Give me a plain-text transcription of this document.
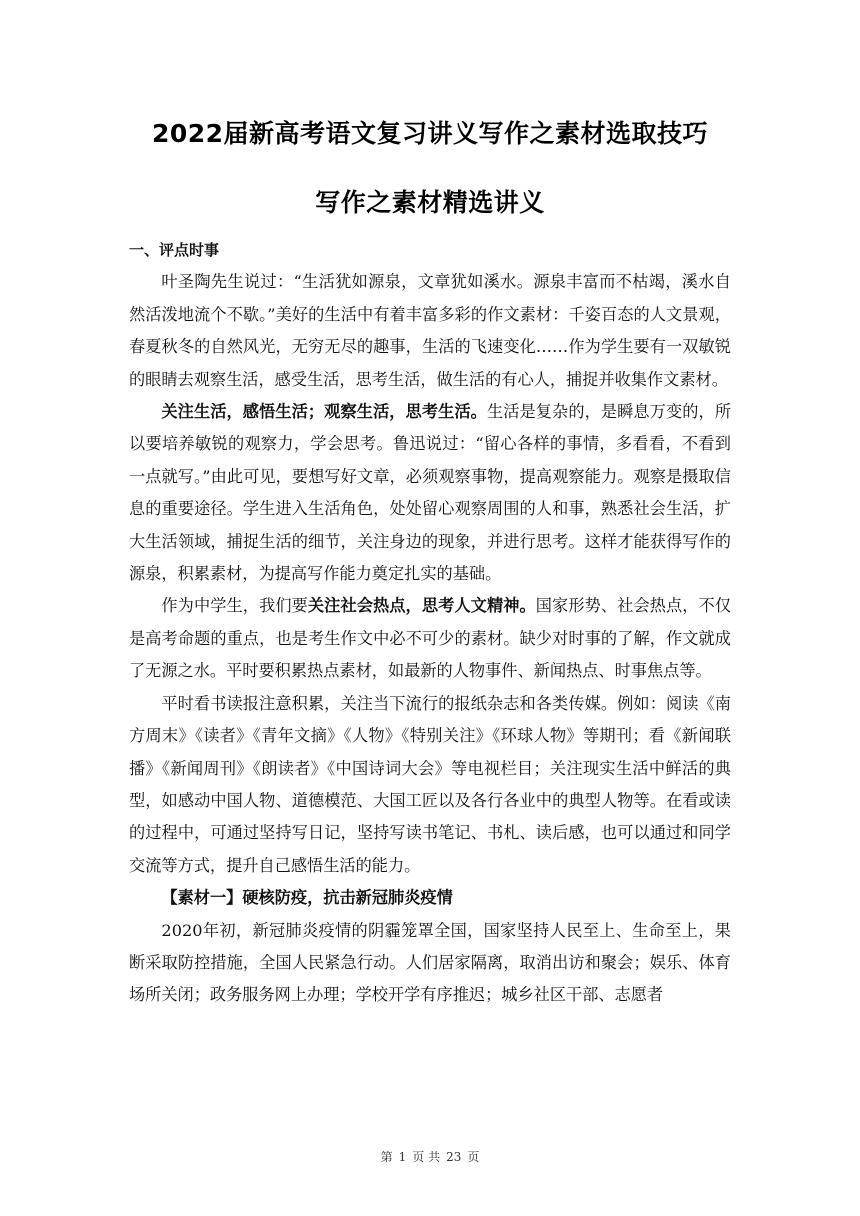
2022届新高考语文复习讲义写作之素材选取技巧
写作之素材精选讲义

一、评点时事

叶圣陶先生说过：“生活犹如源泉，文章犹如溪水。源泉丰富而不枯竭，溪水自然活泼地流个不歇。”美好的生活中有着丰富多彩的作文素材：千姿百态的人文景观，春夏秋冬的自然风光，无穷无尽的趣事，生活的飞速变化……作为学生要有一双敏锐的眼睛去观察生活，感受生活，思考生活，做生活的有心人，捕捉并收集作文素材。

关注生活，感悟生活；观察生活，思考生活。生活是复杂的，是瞬息万变的，所以要培养敏锐的观察力，学会思考。鲁迅说过：“留心各样的事情，多看看，不看到一点就写。”由此可见，要想写好文章，必须观察事物，提高观察能力。观察是摄取信息的重要途径。学生进入生活角色，处处留心观察周围的人和事，熟悉社会生活，扩大生活领域，捕捉生活的细节，关注身边的现象，并进行思考。这样才能获得写作的源泉，积累素材，为提高写作能力奠定扎实的基础。

作为中学生，我们要关注社会热点，思考人文精神。国家形势、社会热点，不仅是高考命题的重点，也是考生作文中必不可少的素材。缺少对时事的了解，作文就成了无源之水。平时要积累热点素材，如最新的人物事件、新闻热点、时事焦点等。

平时看书读报注意积累，关注当下流行的报纸杂志和各类传媒。例如：阅读《南方周末》《读者》《青年文摘》《人物》《特别关注》《环球人物》等期刊；看《新闻联播》《新闻周刊》《朗读者》《中国诗词大会》等电视栏目；关注现实生活中鲜活的典型，如感动中国人物、道德模范、大国工匠以及各行各业中的典型人物等。在看或读的过程中，可通过坚持写日记，坚持写读书笔记、书札、读后感，也可以通过和同学交流等方式，提升自己感悟生活的能力。

【素材一】硬核防疫，抗击新冠肺炎疫情

2020年初，新冠肺炎疫情的阴霾笼罩全国，国家坚持人民至上、生命至上，果断采取防控措施，全国人民紧急行动。人们居家隔离，取消出访和聚会；娱乐、体育场所关闭；政务服务网上办理；学校开学有序推迟；城乡社区干部、志愿者

第 1 页 共 23 页
